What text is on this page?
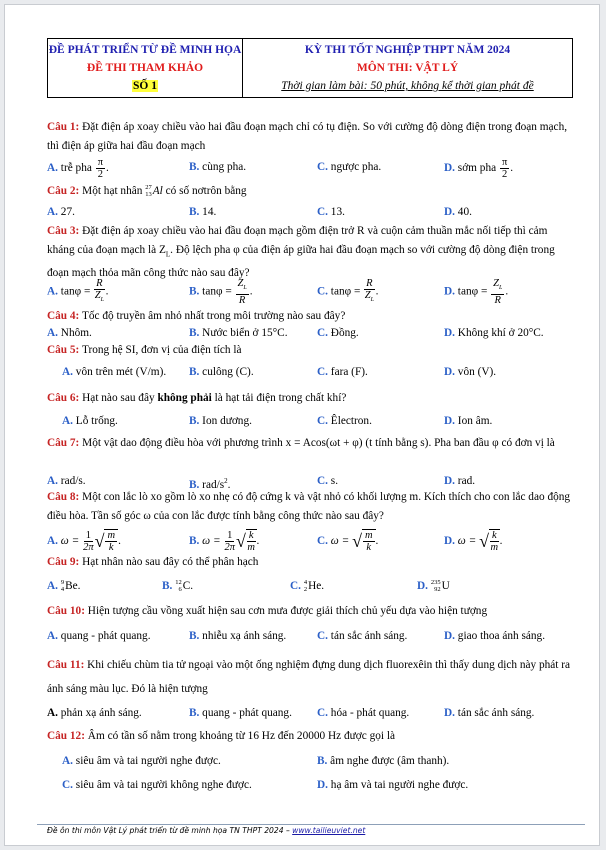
ĐỀ PHÁT TRIỂN TỪ ĐỀ MINH HỌA
ĐỀ THI THAM KHẢO
SỐ 1
KỲ THI TỐT NGHIỆP THPT NĂM 2024
MÔN THI: VẬT LÝ
Thời gian làm bài: 50 phút, không kể thời gian phát đề
Câu 1: Đặt điện áp xoay chiều vào hai đầu đoạn mạch chỉ có tụ điện. So với cường độ dòng điện trong đoạn mạch, thì điện áp giữa hai đầu đoạn mạch
A. trễ pha $\frac{\pi}{2}$ .	B. cùng pha.	C. ngược pha.	D. sớm pha $\frac{\pi}{2}$ .
Câu 2: Một hạt nhân 27
13 Al có số nơtrôn bằng
A. 27.	B. 14.	C. 13.	D. 40.
Câu 3: Đặt điện áp xoay chiều vào hai đầu đoạn mạch gồm điện trở R và cuộn cảm thuần mắc nối tiếp thì cảm kháng của đoạn mạch là $Z_L$. Độ lệch pha φ của điện áp giữa hai đầu đoạn mạch so với cường độ dòng điện trong đoạn mạch thỏa mãn công thức nào sau đây?
A. $\tan\varphi = \frac{R}{Z_L}$ .	B. $\tan\varphi = \frac{Z_L}{R}$ .	C. $\tan\varphi = \frac{R}{Z_L}$ .	D. $\tan\varphi = \frac{Z_L}{R}$ .
Câu 4: Tốc độ truyền âm nhỏ nhất trong môi trường nào sau đây?
A. Nhôm.	B. Nước biển ở 15°C.	C. Đồng.	D. Không khí ở 20°C.
Câu 5: Trong hệ SI, đơn vị của điện tích là
A. vôn trên mét (V/m). B. culông (C).	C. fara (F).	D. vôn (V).
Câu 6: Hạt nào sau đây không phải là hạt tải điện trong chất khí?
A. Lỗ trống.	B. Ion dương.	C. Êlectron.	D. Ion âm.
Câu 7: Một vật dao động điều hòa với phương trình x = Acos(ωt + φ) (t tính bằng s). Pha ban đầu φ có đơn vị là
A. rad/s.	B. rad/$s^2$.	C. s.	D. rad.
Câu 8: Một con lắc lò xo gồm lò xo nhẹ có độ cứng k và vật nhỏ có khối lượng m. Kích thích cho con lắc dao động điều hòa. Tần số góc ω của con lắc được tính bằng công thức nào sau đây?
A. $\omega = \frac{1}{2\pi}$ √ $\frac{m}{k}$ .	B. $\omega = \frac{1}{2\pi}$ √ $\frac{k}{m}$ .	C. ω = √ $\frac{m}{k}$ .	D. ω = √ $\frac{k}{m}$ .
Câu 9: Hạt nhân nào sau đây có thể phân hạch
A. 9
4 Be.	B. 12
6 C.	C. 4
2 He.	D. 235
92 U
Câu 10: Hiện tượng cầu vồng xuất hiện sau cơn mưa được giải thích chủ yếu dựa vào hiện tượng
A. quang - phát quang.	B. nhiễu xạ ánh sáng.	C. tán sắc ánh sáng.	D. giao thoa ánh sáng.
Câu 11: Khi chiếu chùm tia tử ngoại vào một ống nghiệm đựng dung dịch fluorexêin thì thấy dung dịch này phát ra ánh sáng màu lục. Đó là hiện tượng
A. phản xạ ánh sáng.	B. quang - phát quang. C. hóa - phát quang.	D. tán sắc ánh sáng.
Câu 12: Âm có tần số nằm trong khoảng từ 16 Hz đến 20000 Hz được gọi là
A. siêu âm và tai người nghe được.	B. âm nghe được (âm thanh).
C. siêu âm và tai người không nghe được.	D. hạ âm và tai người nghe được.
Đề ôn thi môn Vật Lý phát triển từ đề minh họa TN THPT 2024 – www.tailieuviet.net
